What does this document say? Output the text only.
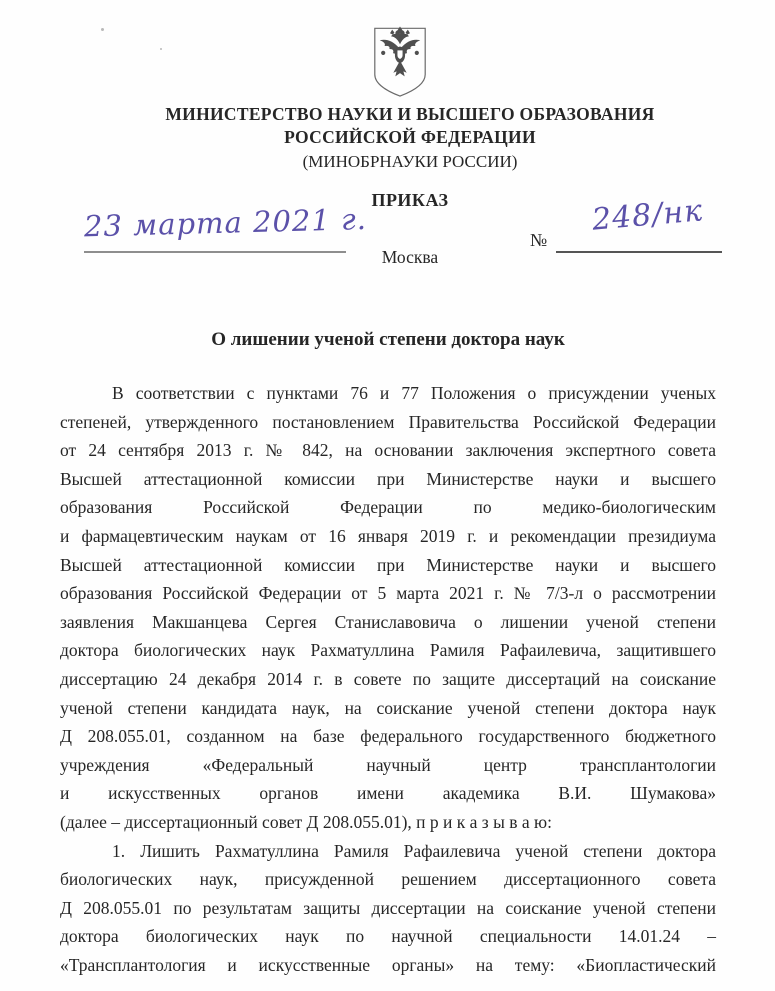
МИНИСТЕРСТВО НАУКИ И ВЫСШЕГО ОБРАЗОВАНИЯ
РОССИЙСКОЙ ФЕДЕРАЦИИ
(МИНОБРНАУКИ РОССИИ)
ПРИКАЗ
23 марта 2021 г.	№
248/нк
Москва
О лишении ученой степени доктора наук
В соответствии с пунктами 76 и 77 Положения о присуждении ученых
степеней, утвержденного постановлением Правительства Российской Федерации
от 24 сентября 2013 г. № 842, на основании заключения экспертного совета
Высшей аттестационной комиссии при Министерстве науки и высшего
образования Российской Федерации по медико-биологическим
и фармацевтическим наукам от 16 января 2019 г. и рекомендации президиума
Высшей аттестационной комиссии при Министерстве науки и высшего
образования Российской Федерации от 5 марта 2021 г. № 7/3-л о рассмотрении
заявления Макшанцева Сергея Станиславовича о лишении ученой степени
доктора биологических наук Рахматуллина Рамиля Рафаилевича, защитившего
диссертацию 24 декабря 2014 г. в совете по защите диссертаций на соискание
ученой степени кандидата наук, на соискание ученой степени доктора наук
Д 208.055.01, созданном на базе федерального государственного бюджетного
учреждения «Федеральный научный центр трансплантологии
и искусственных органов имени академика В.И. Шумакова»
(далее – диссертационный совет Д 208.055.01), п р и к а з ы в а ю:
1. Лишить Рахматуллина Рамиля Рафаилевича ученой степени доктора
биологических наук, присужденной решением диссертационного совета
Д 208.055.01 по результатам защиты диссертации на соискание ученой степени
доктора биологических наук по научной специальности 14.01.24 –
«Трансплантология и искусственные органы» на тему: «Биопластический
